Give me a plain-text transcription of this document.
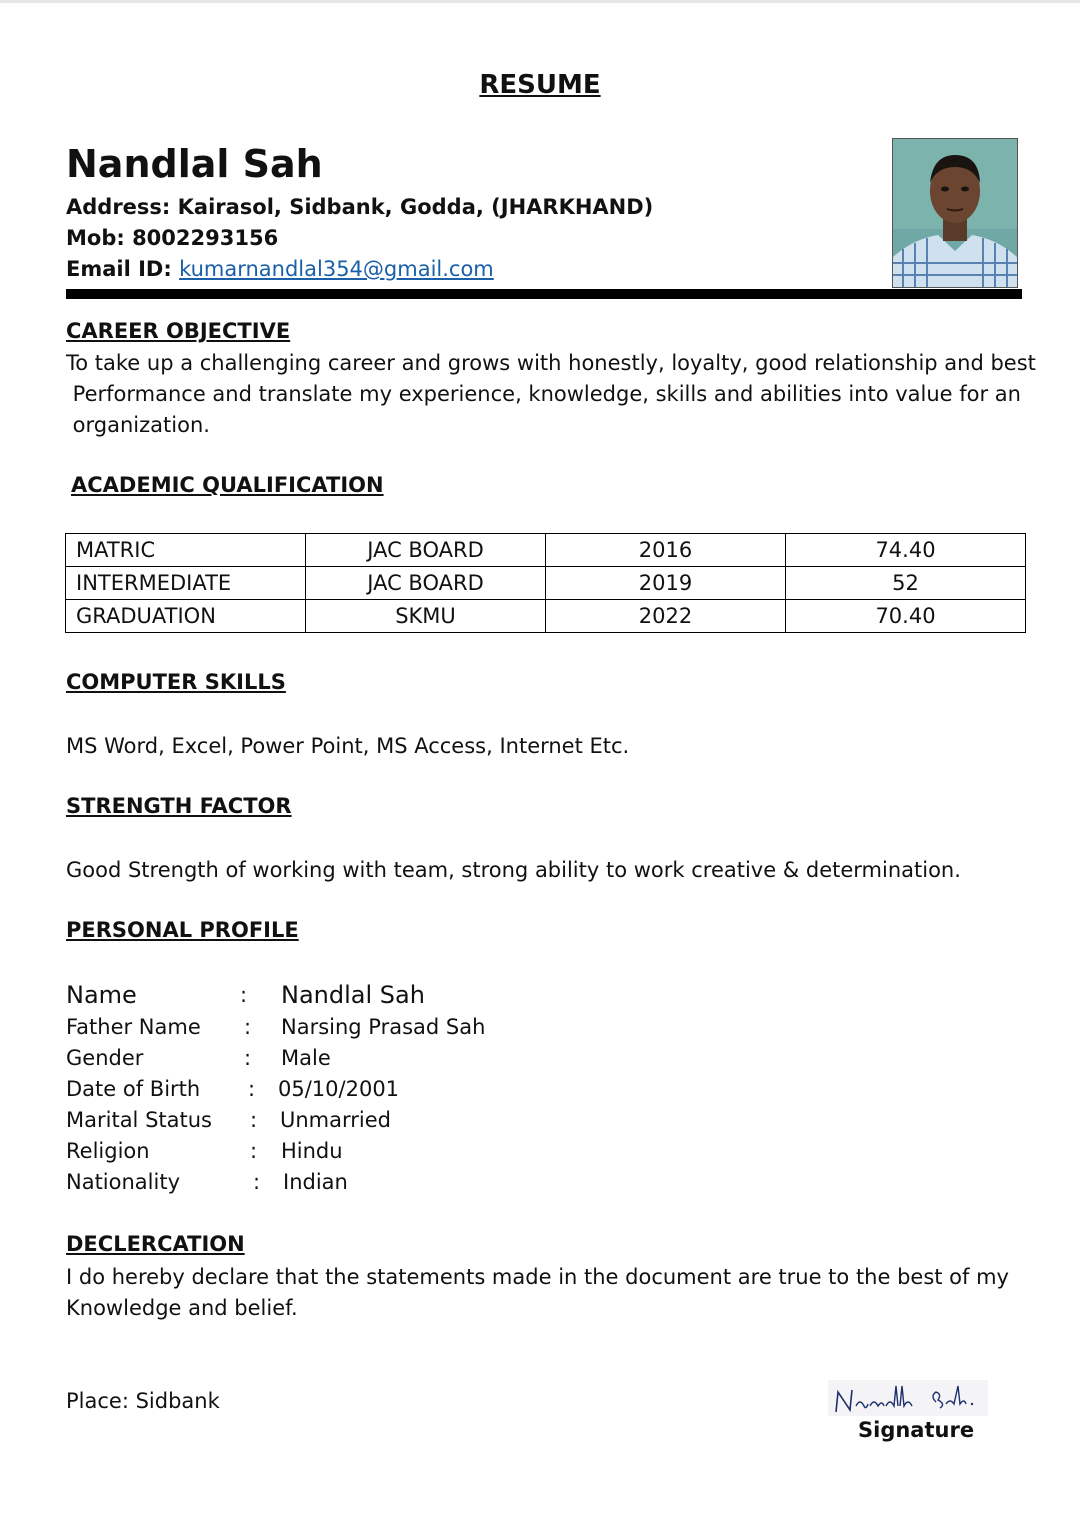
RESUME
Nandlal Sah
Address: Kairasol, Sidbank, Godda, (JHARKHAND)
Mob: 8002293156
Email ID: kumarnandlal354@gmail.com
CAREER OBJECTIVE
To take up a challenging career and grows with honestly, loyalty, good relationship and best
Performance and translate my experience, knowledge, skills and abilities into value for an
organization.
ACADEMIC QUALIFICATION
MATRIC	JAC BOARD	2016	74.40
INTERMEDIATE	JAC BOARD	2019	52
GRADUATION	SKMU	2022	70.40
COMPUTER SKILLS
MS Word, Excel, Power Point, MS Access, Internet Etc.
STRENGTH FACTOR
Good Strength of working with team, strong ability to work creative & determination.
PERSONAL PROFILE
Name	: Nandlal Sah
Father Name : Narsing Prasad Sah
Gender	: Male
Date of Birth : 05/10/2001
Marital Status : Unmarried
Religion	: Hindu
Nationality	: Indian
DECLERCATION
I do hereby declare that the statements made in the document are true to the best of my
Knowledge and belief.
Place: Sidbank
Signature
